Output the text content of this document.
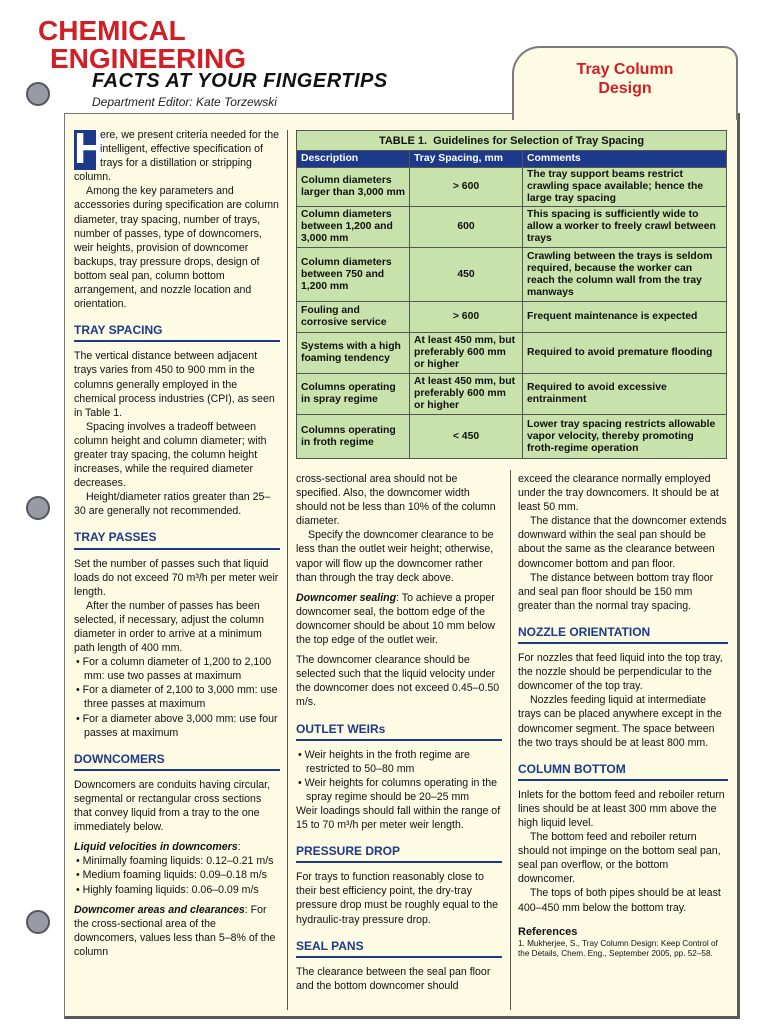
CHEMICAL
ENGINEERING
FACTS AT YOUR FINGERTIPS
Department Editor: Kate Torzewski
Tray Column
Design

H
ere, we present criteria needed for the intelligent, effective specification of trays for a distillation or stripping column.

Among the key parameters and accessories during specification are column diameter, tray spacing, number of trays, number of passes, type of downcomers, weir heights, provision of downcomer backups, tray pressure drops, design of bottom seal pan, column bottom arrangement, and nozzle location and orientation.

TRAY SPACING

The vertical distance between adjacent trays varies from 450 to 900 mm in the columns generally employed in the chemical process industries (CPI), as seen in Table 1.

Spacing involves a tradeoff between column height and column diameter; with greater tray spacing, the column height increases, while the required diameter decreases.

Height/diameter ratios greater than 25–30 are generally not recommended.

TRAY PASSES

Set the number of passes such that liquid loads do not exceed 70 m³/h per meter weir length.

After the number of passes has been selected, if necessary, adjust the column diameter in order to arrive at a minimum path length of 400 mm.

• For a column diameter of 1,200 to 2,100 mm: use two passes at maximum
• For a diameter of 2,100 to 3,000 mm: use three passes at maximum
• For a diameter above 3,000 mm: use four passes at maximum
DOWNCOMERS

Downcomers are conduits having circular, segmental or rectangular cross sections that convey liquid from a tray to the one immediately below.

Liquid velocities in downcomers:

• Minimally foaming liquids: 0.12–0.21 m/s
• Medium foaming liquids: 0.09–0.18 m/s
• Highly foaming liquids: 0.06–0.09 m/s

Downcomer areas and clearances: For the cross-sectional area of the downcomers, values less than 5–8% of the column

TABLE 1. Guidelines for Selection of Tray Spacing		
Description	Tray Spacing, mm	Comments
Column diameters larger than 3,000 mm	> 600	The tray support beams restrict crawling space available; hence the large tray spacing
Column diameters between 1,200 and 3,000 mm	600	This spacing is sufficiently wide to allow a worker to freely crawl between trays
Column diameters between 750 and 1,200 mm	450	Crawling between the trays is seldom required, because the worker can reach the column wall from the tray manways
Fouling and corrosive service	> 600	Frequent maintenance is expected
Systems with a high foaming tendency	At least 450 mm, but preferably 600 mm or higher	Required to avoid premature flooding
Columns operating in spray regime	At least 450 mm, but preferably 600 mm or higher	Required to avoid excessive entrainment
Columns operating in froth regime	< 450	Lower tray spacing restricts allowable vapor velocity, thereby promoting froth-regime operation

cross-sectional area should not be specified. Also, the downcomer width should not be less than 10% of the column diameter.

Specify the downcomer clearance to be less than the outlet weir height; otherwise, vapor will flow up the downcomer rather than through the tray deck above.

Downcomer sealing: To achieve a proper downcomer seal, the bottom edge of the downcomer should be about 10 mm below the top edge of the outlet weir.

The downcomer clearance should be selected such that the liquid velocity under the downcomer does not exceed 0.45–0.50 m/s.

OUTLET WEIRs
• Weir heights in the froth regime are restricted to 50–80 mm
• Weir heights for columns operating in the spray regime should be 20–25 mm

Weir loadings should fall within the range of 15 to 70 m³/h per meter weir length.

PRESSURE DROP

For trays to function reasonably close to their best efficiency point, the dry-tray pressure drop must be roughly equal to the hydraulic-tray pressure drop.

SEAL PANS

The clearance between the seal pan floor and the bottom downcomer should

exceed the clearance normally employed under the tray downcomers. It should be at least 50 mm.

The distance that the downcomer extends downward within the seal pan should be about the same as the clearance between downcomer bottom and pan floor.

The distance between bottom tray floor and seal pan floor should be 150 mm greater than the normal tray spacing.

NOZZLE ORIENTATION

For nozzles that feed liquid into the top tray, the nozzle should be perpendicular to the downcomer of the top tray.

Nozzles feeding liquid at intermediate trays can be placed anywhere except in the downcomer segment. The space between the two trays should be at least 800 mm.

COLUMN BOTTOM

Inlets for the bottom feed and reboiler return lines should be at least 300 mm above the high liquid level.

The bottom feed and reboiler return should not impinge on the bottom seal pan, seal pan overflow, or the bottom downcomer.

The tops of both pipes should be at least 400–450 mm below the bottom tray.

References
1. Mukherjee, S., Tray Column Design: Keep Control of the Details, Chem. Eng., September 2005, pp. 52–58.
